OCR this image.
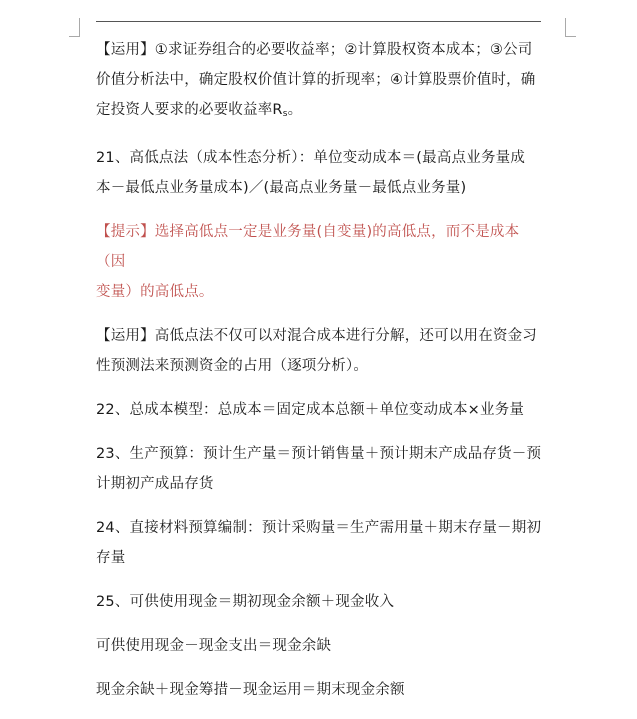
【运用】①求证券组合的必要收益率；②计算股权资本成本；③公司
价值分析法中，确定股权价值计算的折现率；④计算股票价值时，确
定投资人要求的必要收益率$R_s$。

21、高低点法（成本性态分析）：单位变动成本＝(最高点业务量成
本－最低点业务量成本)／(最高点业务量－最低点业务量)

【提示】选择高低点一定是业务量(自变量)的高低点，而不是成本（因
变量）的高低点。

【运用】高低点法不仅可以对混合成本进行分解，还可以用在资金习
性预测法来预测资金的占用（逐项分析）。

22、总成本模型：总成本＝固定成本总额＋单位变动成本×业务量

23、生产预算：预计生产量＝预计销售量＋预计期末产成品存货－预
计期初产成品存货

24、直接材料预算编制：预计采购量＝生产需用量＋期末存量－期初
存量

25、可供使用现金＝期初现金余额＋现金收入

可供使用现金－现金支出＝现金余缺

现金余缺＋现金筹措－现金运用＝期末现金余额
